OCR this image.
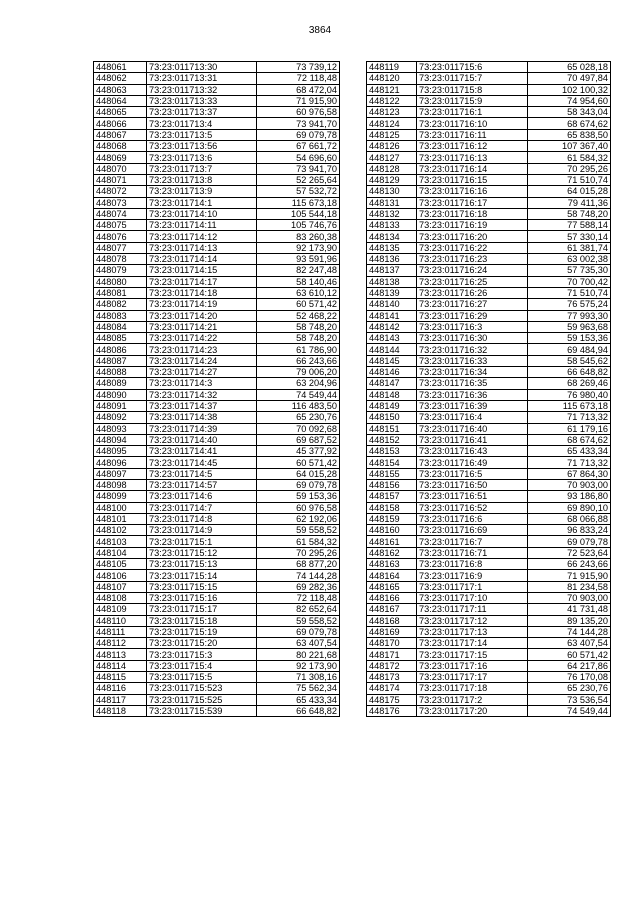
3864
448061	73:23:011713:30	73 739,12
448062	73:23:011713:31	72 118,48
448063	73:23:011713:32	68 472,04
448064	73:23:011713:33	71 915,90
448065	73:23:011713:37	60 976,58
448066	73:23:011713:4	73 941,70
448067	73:23:011713:5	69 079,78
448068	73:23:011713:56	67 661,72
448069	73:23:011713:6	54 696,60
448070	73:23:011713:7	73 941,70
448071	73:23:011713:8	52 265,64
448072	73:23:011713:9	57 532,72
448073	73:23:011714:1	115 673,18
448074	73:23:011714:10	105 544,18
448075	73:23:011714:11	105 746,76
448076	73:23:011714:12	83 260,38
448077	73:23:011714:13	92 173,90
448078	73:23:011714:14	93 591,96
448079	73:23:011714:15	82 247,48
448080	73:23:011714:17	58 140,46
448081	73:23:011714:18	63 610,12
448082	73:23:011714:19	60 571,42
448083	73:23:011714:20	52 468,22
448084	73:23:011714:21	58 748,20
448085	73:23:011714:22	58 748,20
448086	73:23:011714:23	61 786,90
448087	73:23:011714:24	66 243,66
448088	73:23:011714:27	79 006,20
448089	73:23:011714:3	63 204,96
448090	73:23:011714:32	74 549,44
448091	73:23:011714:37	116 483,50
448092	73:23:011714:38	65 230,76
448093	73:23:011714:39	70 092,68
448094	73:23:011714:40	69 687,52
448095	73:23:011714:41	45 377,92
448096	73:23:011714:45	60 571,42
448097	73:23:011714:5	64 015,28
448098	73:23:011714:57	69 079,78
448099	73:23:011714:6	59 153,36
448100	73:23:011714:7	60 976,58
448101	73:23:011714:8	62 192,06
448102	73:23:011714:9	59 558,52
448103	73:23:011715:1	61 584,32
448104	73:23:011715:12	70 295,26
448105	73:23:011715:13	68 877,20
448106	73:23:011715:14	74 144,28
448107	73:23:011715:15	69 282,36
448108	73:23:011715:16	72 118,48
448109	73:23:011715:17	82 652,64
448110	73:23:011715:18	59 558,52
448111	73:23:011715:19	69 079,78
448112	73:23:011715:20	63 407,54
448113	73:23:011715:3	80 221,68
448114	73:23:011715:4	92 173,90
448115	73:23:011715:5	71 308,16
448116	73:23:011715:523	75 562,34
448117	73:23:011715:525	65 433,34
448118	73:23:011715:539	66 648,82
448119	73:23:011715:6	65 028,18
448120	73:23:011715:7	70 497,84
448121	73:23:011715:8	102 100,32
448122	73:23:011715:9	74 954,60
448123	73:23:011716:1	58 343,04
448124	73:23:011716:10	68 674,62
448125	73:23:011716:11	65 838,50
448126	73:23:011716:12	107 367,40
448127	73:23:011716:13	61 584,32
448128	73:23:011716:14	70 295,26
448129	73:23:011716:15	71 510,74
448130	73:23:011716:16	64 015,28
448131	73:23:011716:17	79 411,36
448132	73:23:011716:18	58 748,20
448133	73:23:011716:19	77 588,14
448134	73:23:011716:20	57 330,14
448135	73:23:011716:22	61 381,74
448136	73:23:011716:23	63 002,38
448137	73:23:011716:24	57 735,30
448138	73:23:011716:25	70 700,42
448139	73:23:011716:26	71 510,74
448140	73:23:011716:27	76 575,24
448141	73:23:011716:29	77 993,30
448142	73:23:011716:3	59 963,68
448143	73:23:011716:30	59 153,36
448144	73:23:011716:32	69 484,94
448145	73:23:011716:33	58 545,62
448146	73:23:011716:34	66 648,82
448147	73:23:011716:35	68 269,46
448148	73:23:011716:36	76 980,40
448149	73:23:011716:39	115 673,18
448150	73:23:011716:4	71 713,32
448151	73:23:011716:40	61 179,16
448152	73:23:011716:41	68 674,62
448153	73:23:011716:43	65 433,34
448154	73:23:011716:49	71 713,32
448155	73:23:011716:5	67 864,30
448156	73:23:011716:50	70 903,00
448157	73:23:011716:51	93 186,80
448158	73:23:011716:52	69 890,10
448159	73:23:011716:6	68 066,88
448160	73:23:011716:69	96 833,24
448161	73:23:011716:7	69 079,78
448162	73:23:011716:71	72 523,64
448163	73:23:011716:8	66 243,66
448164	73:23:011716:9	71 915,90
448165	73:23:011717:1	81 234,58
448166	73:23:011717:10	70 903,00
448167	73:23:011717:11	41 731,48
448168	73:23:011717:12	89 135,20
448169	73:23:011717:13	74 144,28
448170	73:23:011717:14	63 407,54
448171	73:23:011717:15	60 571,42
448172	73:23:011717:16	64 217,86
448173	73:23:011717:17	76 170,08
448174	73:23:011717:18	65 230,76
448175	73:23:011717:2	73 536,54
448176	73:23:011717:20	74 549,44
